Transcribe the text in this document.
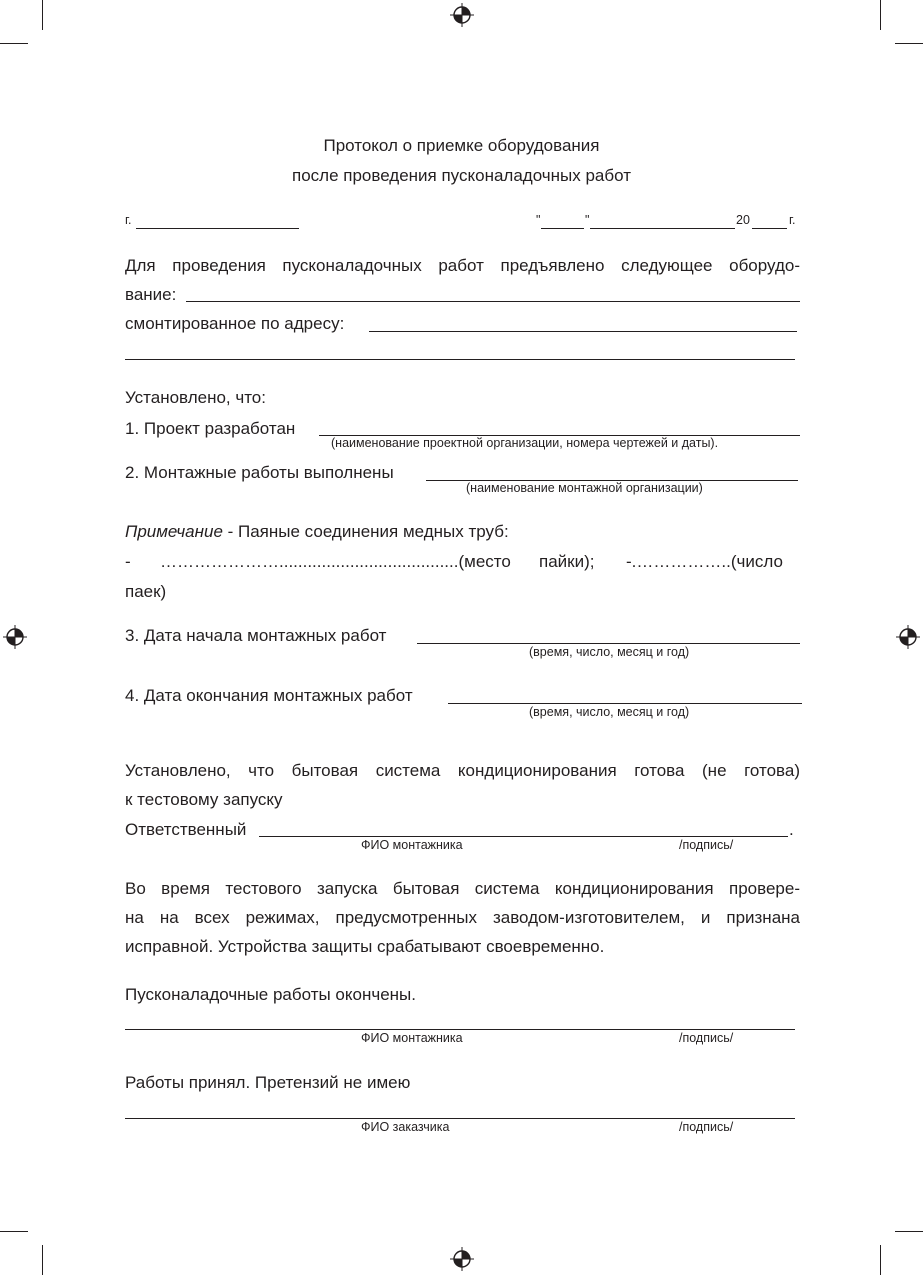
Протокол о приемке оборудования
после проведения пусконаладочных работ
г.	"	"	20	г.
Для проведения пусконаладочных работ предъявлено следующее оборудо-
вание:
смонтированное по адресу:
Установлено, что:
1. Проект разработан
(наименование проектной организации, номера чертежей и даты).
2. Монтажные работы выполнены
(наименование монтажной организации)
Примечание - Паяные соединения медных труб:
- …………………......................................(место пайки); -.……………..(число
паек)
3. Дата начала монтажных работ
(время, число, месяц и год)
4. Дата окончания монтажных работ
(время, число, месяц и год)
Установлено, что бытовая система кондиционирования готова (не готова)
к тестовому запуску
Ответственный	.
ФИО монтажника	/подпись/
Во время тестового запуска бытовая система кондиционирования провере-
на на всех режимах, предусмотренных заводом-изготовителем, и признана
исправной. Устройства защиты срабатывают своевременно.
Пусконаладочные работы окончены.
ФИО монтажника	/подпись/
Работы принял. Претензий не имею
ФИО заказчика	/подпись/
